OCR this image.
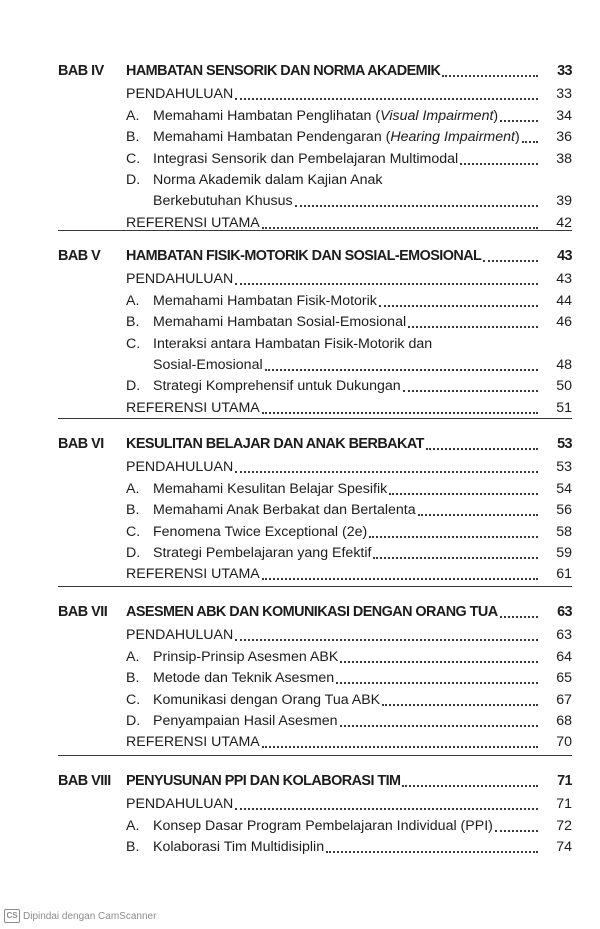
BAB IV HAMBATAN SENSORIK DAN NORMA AKADEMIK	33
PENDAHULUAN	33
A. Memahami Hambatan Penglihatan (Visual Impairment)	34
B. Memahami Hambatan Pendengaran (Hearing Impairment)	36
C. Integrasi Sensorik dan Pembelajaran Multimodal	38
D. Norma Akademik dalam Kajian Anak
Berkebutuhan Khusus	39
REFERENSI UTAMA	42
BAB V HAMBATAN FISIK-MOTORIK DAN SOSIAL-EMOSIONAL	43
PENDAHULUAN	43
A. Memahami Hambatan Fisik-Motorik	44
B. Memahami Hambatan Sosial-Emosional	46
C. Interaksi antara Hambatan Fisik-Motorik dan
Sosial-Emosional	48
D. Strategi Komprehensif untuk Dukungan	50
REFERENSI UTAMA	51
BAB VI KESULITAN BELAJAR DAN ANAK BERBAKAT	53
PENDAHULUAN	53
A. Memahami Kesulitan Belajar Spesifik	54
B. Memahami Anak Berbakat dan Bertalenta	56
C. Fenomena Twice Exceptional (2e)	58
D. Strategi Pembelajaran yang Efektif	59
REFERENSI UTAMA	61
BAB VII ASESMEN ABK DAN KOMUNIKASI DENGAN ORANG TUA	63
PENDAHULUAN	63
A. Prinsip-Prinsip Asesmen ABK	64
B. Metode dan Teknik Asesmen	65
C. Komunikasi dengan Orang Tua ABK	67
D. Penyampaian Hasil Asesmen	68
REFERENSI UTAMA	70
BAB VIII PENYUSUNAN PPI DAN KOLABORASI TIM	71
PENDAHULUAN	71
A. Konsep Dasar Program Pembelajaran Individual (PPI)	72
B. Kolaborasi Tim Multidisiplin	74
CS Dipindai dengan CamScanner
